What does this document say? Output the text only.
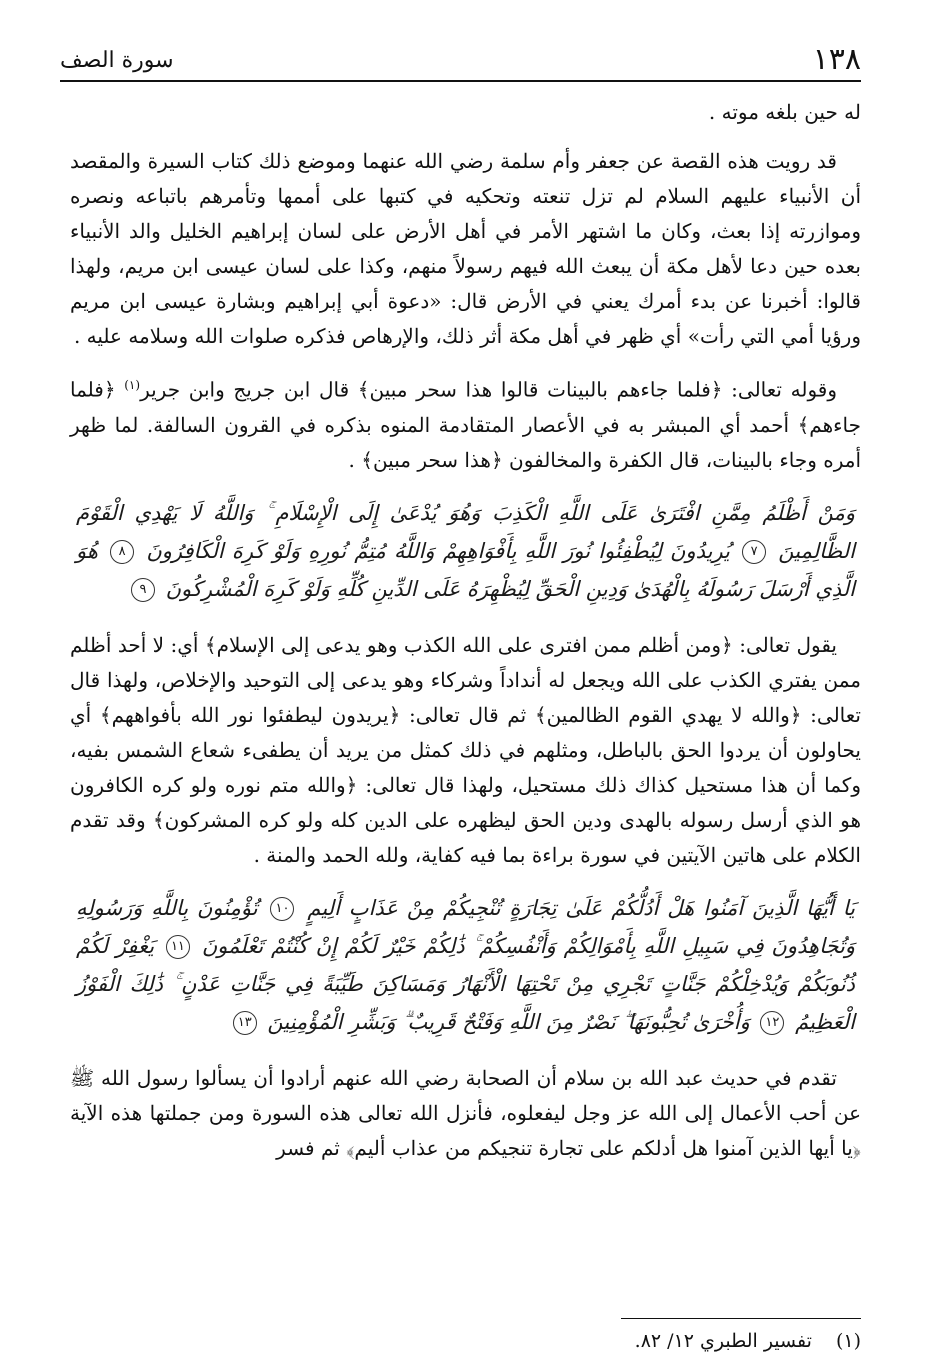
١٣٨
سورة الصف

له حين بلغه موته .

قد رويت هذه القصة عن جعفر وأم سلمة رضي الله عنهما وموضع ذلك كتاب السيرة والمقصد أن الأنبياء عليهم السلام لم تزل تنعته وتحكيه في كتبها على أممها وتأمرهم باتباعه ونصره وموازرته إذا بعث، وكان ما اشتهر الأمر في أهل الأرض على لسان إبراهيم الخليل والد الأنبياء بعده حين دعا لأهل مكة أن يبعث الله فيهم رسولاً منهم، وكذا على لسان عيسى ابن مريم، ولهذا قالوا: أخبرنا عن بدء أمرك يعني في الأرض قال: «دعوة أبي إبراهيم وبشارة عيسى ابن مريم ورؤيا أمي التي رأت» أي ظهر في أهل مكة أثر ذلك، والإرهاص فذكره صلوات الله وسلامه عليه .

وقوله تعالى: ﴿فلما جاءهم بالبينات قالوا هذا سحر مبين﴾ قال ابن جريج وابن جرير$^{(١)}$ ﴿فلما جاءهم﴾ أحمد أي المبشر به في الأعصار المتقادمة المنوه بذكره في القرون السالفة. لما ظهر أمره وجاء بالبينات، قال الكفرة والمخالفون ﴿هذا سحر مبين﴾ .

وَمَنْ أَظْلَمُ مِمَّنِ افْتَرَىٰ عَلَى اللَّهِ الْكَذِبَ وَهُوَ يُدْعَىٰ إِلَى الْإِسْلَامِ ۚ وَاللَّهُ لَا يَهْدِي الْقَوْمَ الظَّالِمِينَ ٧ يُرِيدُونَ لِيُطْفِئُوا نُورَ اللَّهِ بِأَفْوَاهِهِمْ وَاللَّهُ مُتِمُّ نُورِهِ وَلَوْ كَرِهَ الْكَافِرُونَ ٨ هُوَ الَّذِي أَرْسَلَ رَسُولَهُ بِالْهُدَىٰ وَدِينِ الْحَقِّ لِيُظْهِرَهُ عَلَى الدِّينِ كُلِّهِ وَلَوْ كَرِهَ الْمُشْرِكُونَ ٩

يقول تعالى: ﴿ومن أظلم ممن افترى على الله الكذب وهو يدعى إلى الإسلام﴾ أي: لا أحد أظلم ممن يفتري الكذب على الله ويجعل له أنداداً وشركاء وهو يدعى إلى التوحيد والإخلاص، ولهذا قال تعالى: ﴿والله لا يهدي القوم الظالمين﴾ ثم قال تعالى: ﴿يريدون ليطفئوا نور الله بأفواههم﴾ أي يحاولون أن يردوا الحق بالباطل، ومثلهم في ذلك كمثل من يريد أن يطفىء شعاع الشمس بفيه، وكما أن هذا مستحيل كذاك ذلك مستحيل، ولهذا قال تعالى: ﴿والله متم نوره ولو كره الكافرون هو الذي أرسل رسوله بالهدى ودين الحق ليظهره على الدين كله ولو كره المشركون﴾ وقد تقدم الكلام على هاتين الآيتين في سورة براءة بما فيه كفاية، ولله الحمد والمنة .

يَا أَيُّهَا الَّذِينَ آمَنُوا هَلْ أَدُلُّكُمْ عَلَىٰ تِجَارَةٍ تُنْجِيكُمْ مِنْ عَذَابٍ أَلِيمٍ ١٠ تُؤْمِنُونَ بِاللَّهِ وَرَسُولِهِ وَتُجَاهِدُونَ فِي سَبِيلِ اللَّهِ بِأَمْوَالِكُمْ وَأَنْفُسِكُمْ ۚ ذَٰلِكُمْ خَيْرٌ لَكُمْ إِنْ كُنْتُمْ تَعْلَمُونَ ١١ يَغْفِرْ لَكُمْ ذُنُوبَكُمْ وَيُدْخِلْكُمْ جَنَّاتٍ تَجْرِي مِنْ تَحْتِهَا الْأَنْهَارُ وَمَسَاكِنَ طَيِّبَةً فِي جَنَّاتِ عَدْنٍ ۚ ذَٰلِكَ الْفَوْزُ الْعَظِيمُ ١٢ وَأُخْرَىٰ تُحِبُّونَهَا ۖ نَصْرٌ مِنَ اللَّهِ وَفَتْحٌ قَرِيبٌ ۗ وَبَشِّرِ الْمُؤْمِنِينَ ١٣

تقدم في حديث عبد الله بن سلام أن الصحابة رضي الله عنهم أرادوا أن يسألوا رسول الله ﷺ عن أحب الأعمال إلى الله عز وجل ليفعلوه، فأنزل الله تعالى هذه السورة ومن جملتها هذه الآية ﴿يا أيها الذين آمنوا هل أدلكم على تجارة تنجيكم من عذاب أليم﴾ ثم فسر

(١) تفسير الطبري ١٢/ ٨٢.
